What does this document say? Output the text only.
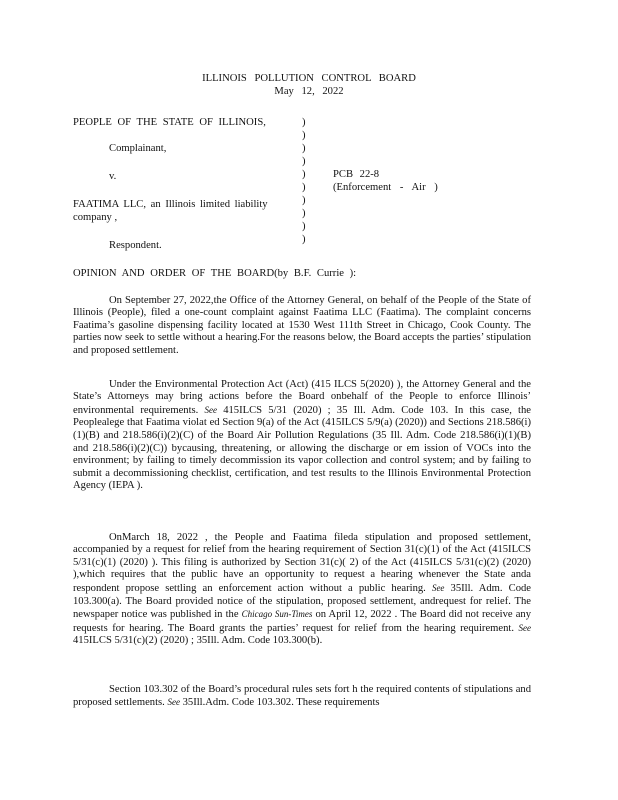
ILLINOIS POLLUTION CONTROL BOARD
May 12, 2022
PEOPLE OF THE STATE OF ILLINOIS,
Complainant,
v.
FAATIMA LLC, an Illinois limited liability
company ,
Respondent.
)
)
)
)
)
)
)
)
)
)
PCB 22-8
(Enforcement - Air )
OPINION AND ORDER OF THE BOARD(by B.F. Currie ):

On September 27, 2022,the Office of the Attorney General, on behalf of the People of the State of Illinois (People), filed a one-count complaint against Faatima LLC (Faatima). The complaint concerns Faatima’s gasoline dispensing facility located at 1530 West 111th Street in Chicago, Cook County. The parties now seek to settle without a hearing.For the reasons below, the Board accepts the parties’ stipulation and proposed settlement.

Under the Environmental Protection Act (Act) (415 ILCS 5(2020) ), the Attorney General and the State’s Attorneys may bring actions before the Board onbehalf of the People to enforce Illinois’ environmental requirements. See 415ILCS 5/31 (2020) ; 35 Ill. Adm. Code 103. In this case, the Peoplealege that Faatima violat ed Section 9(a) of the Act (415ILCS 5/9(a) (2020)) and Sections 218.586(i)(1)(B) and 218.586(i)(2)(C) of the Board Air Pollution Regulations (35 Ill. Adm. Code 218.586(i)(1)(B) and 218.586(i)(2)(C)) bycausing, threatening, or allowing the discharge or em ission of VOCs into the environment; by failing to timely decommission its vapor collection and control system; and by failing to submit a decommissioning checklist, certification, and test results to the Illinois Environmental Protection Agency (IEPA ).

OnMarch 18, 2022 , the People and Faatima fileda stipulation and proposed settlement, accompanied by a request for relief from the hearing requirement of Section 31(c)(1) of the Act (415ILCS 5/31(c)(1) (2020) ). This filing is authorized by Section 31(c)( 2) of the Act (415ILCS 5/31(c)(2) (2020) ),which requires that the public have an opportunity to request a hearing whenever the State anda respondent propose settling an enforcement action without a public hearing. See 35Ill. Adm. Code 103.300(a). The Board provided notice of the stipulation, proposed settlement, andrequest for relief. The newspaper notice was published in the Chicago Sun-Times on April 12, 2022 . The Board did not receive any requests for hearing. The Board grants the parties’ request for relief from the hearing requirement. See 415ILCS 5/31(c)(2) (2020) ; 35Ill. Adm. Code 103.300(b).

Section 103.302 of the Board’s procedural rules sets fort h the required contents of stipulations and proposed settlements. See 35Ill.Adm. Code 103.302. These requirements
